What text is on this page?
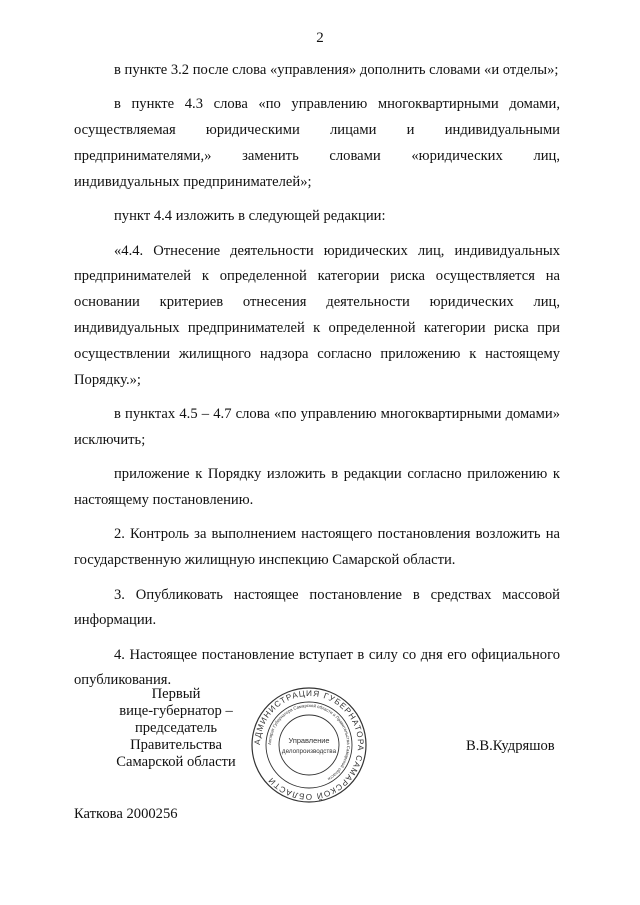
2

в пункте 3.2 после слова «управления» дополнить словами «и отделы»;

в пункте 4.3 слова «по управлению многоквартирными домами, осуществляемая юридическими лицами и индивидуальными предпринимателями,» заменить словами «юридических лиц, индивидуальных предпринимателей»;

пункт 4.4 изложить в следующей редакции:

«4.4. Отнесение деятельности юридических лиц, индивидуальных предпринимателей к определенной категории риска осуществляется на основании критериев отнесения деятельности юридических лиц, индивидуальных предпринимателей к определенной категории риска при осуществлении жилищного надзора согласно приложению к настоящему Порядку.»;

в пунктах 4.5 – 4.7 слова «по управлению многоквартирными домами» исключить;

приложение к Порядку изложить в редакции согласно приложению к настоящему постановлению.

2. Контроль за выполнением настоящего постановления возложить на государственную жилищную инспекцию Самарской области.

3. Опубликовать настоящее постановление в средствах массовой информации.

4. Настоящее постановление вступает в силу со дня его официального опубликования.

Первый
вице-губернатор –
председатель Правительства
Самарской области
АДМИНИСТРАЦИЯ ГУБЕРНАТОРА САМАРСКОЙ ОБЛАСТИ
Аппарат Губернатора Самарской области и Правительства Самарской области
Управление
делопроизводства	В.В.Кудряшов
Каткова 2000256
